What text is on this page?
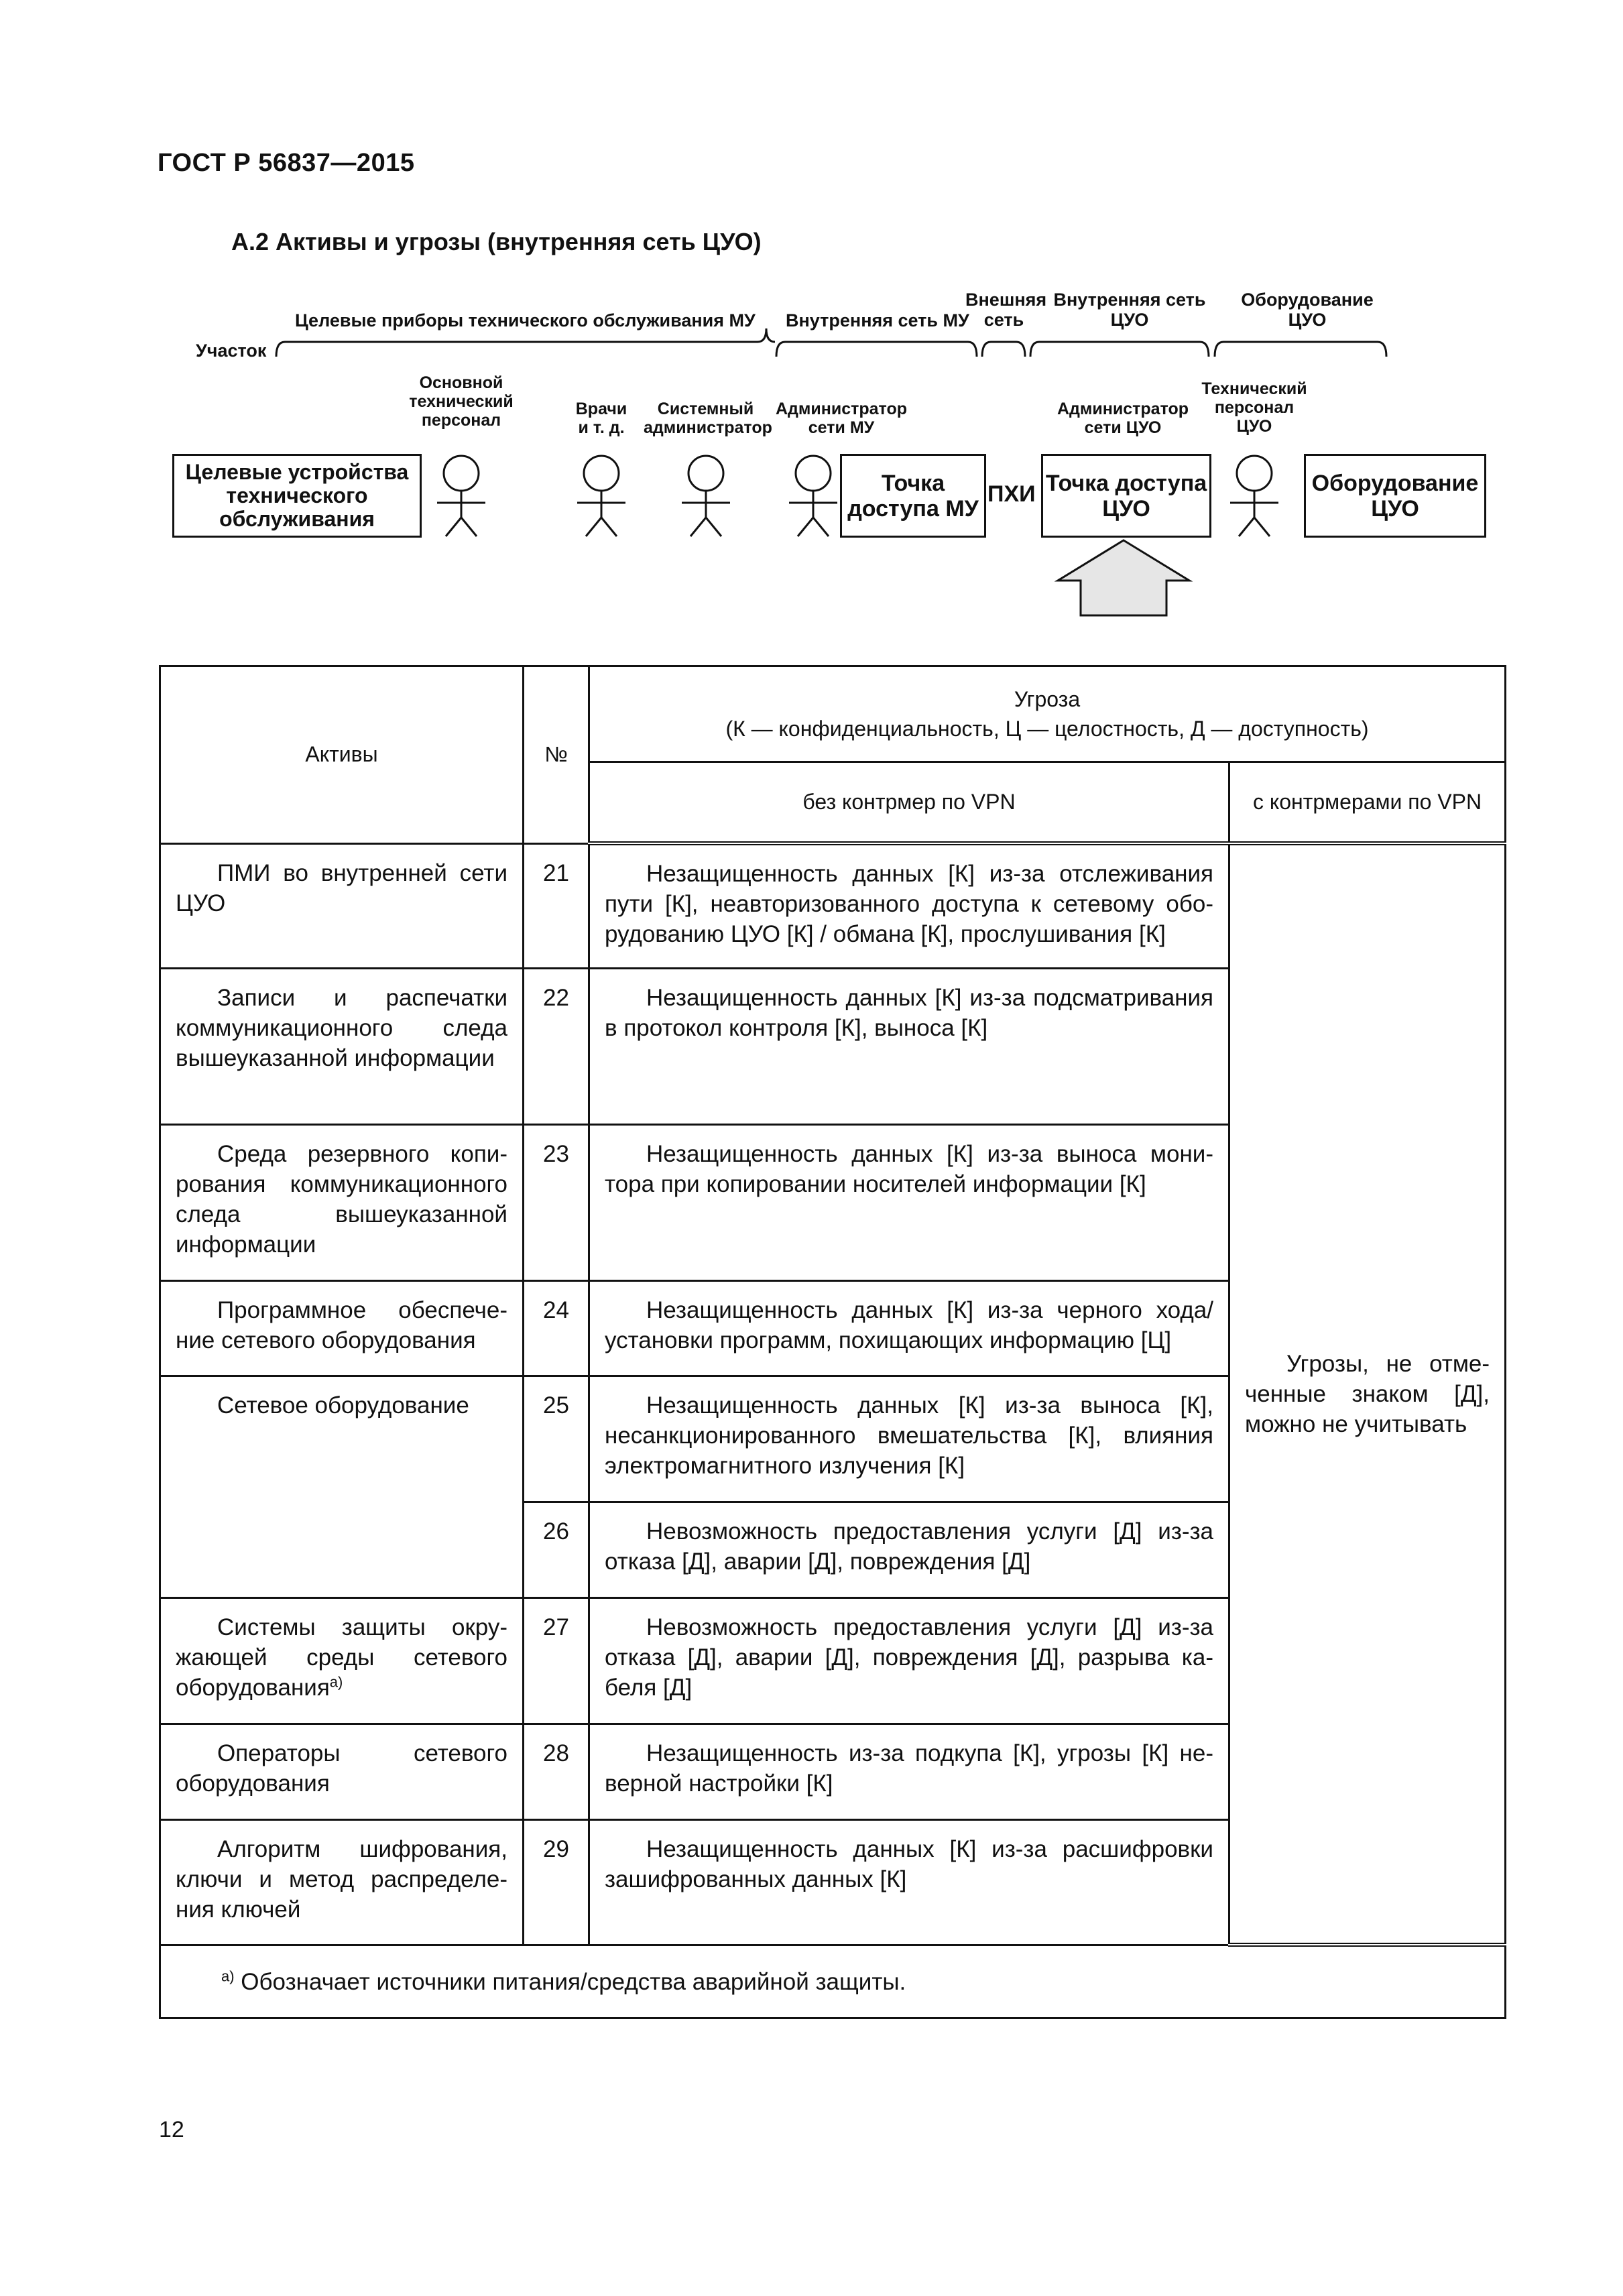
ГОСТ Р 56837—2015
А.2 Активы и угрозы (внутренняя сеть ЦУО)
Участок
Целевые приборы технического обслуживания МУ Внутренняя сеть МУ
Внешняя
сеть
Внутренняя сеть
ЦУО
Оборудование
ЦУО
Основной
технический
персонал
Врачи
и т. д.
Системный
администратор
Администратор
сети МУ
Администратор
сети ЦУО
Технический
персонал
ЦУО
Целевые устройства
технического
обслуживания
Точка
доступа МУ
ПХИ Точка доступа
ЦУО
Оборудование
ЦУО
Активы	№	Угроза
(К — конфиденциальность, Ц — целостность, Д — доступность)	

		без контрмер по VPN	с контрмерами по VPN
ПМИ во внутренней сети ЦУО	21	Незащищенность данных [К] из-за отслеживания пути [К], неавторизованного доступа к сетевому оборудованию ЦУО [К] / обмана [К], прослушивания [К]	Угрозы, не отмеченные знаком [Д], можно не учитывать
Записи и распечатки коммуникационного следа вышеуказанной информации	22	Незащищенность данных [К] из-за подсматривания в протокол контроля [К], выноса [К]	
Среда резервного копирования коммуникационного следа вышеуказанной информации	23	Незащищенность данных [К] из-за выноса монитора при копировании носителей информации [К]	
Программное обеспечение сетевого оборудования	24	Незащищенность данных [К] из-за черного хода/ установки программ, похищающих информацию [Ц]	
Сетевое оборудование	25	Незащищенность данных [К] из-за выноса [К], несанкционированного вмешательства [К], влияния электромагнитного излучения [К]	
	26	Невозможность предоставления услуги [Д] из-за отказа [Д], аварии [Д], повреждения [Д]	
Системы защиты окружающей среды сетевого оборудования$^{а)}$	27	Невозможность предоставления услуги [Д] из-за отказа [Д], аварии [Д], повреждения [Д], разрыва кабеля [Д]	
Операторы сетевого оборудования	28	Незащищенность из-за подкупа [К], угрозы [К] неверной настройки [К]	
Алгоритм шифрования, ключи и метод распределения ключей	29	Незащищенность данных [К] из-за расшифровки зашифрованных данных [К]	
$^{а)}$ Обозначает источники питания/средства аварийной защиты.			
12
